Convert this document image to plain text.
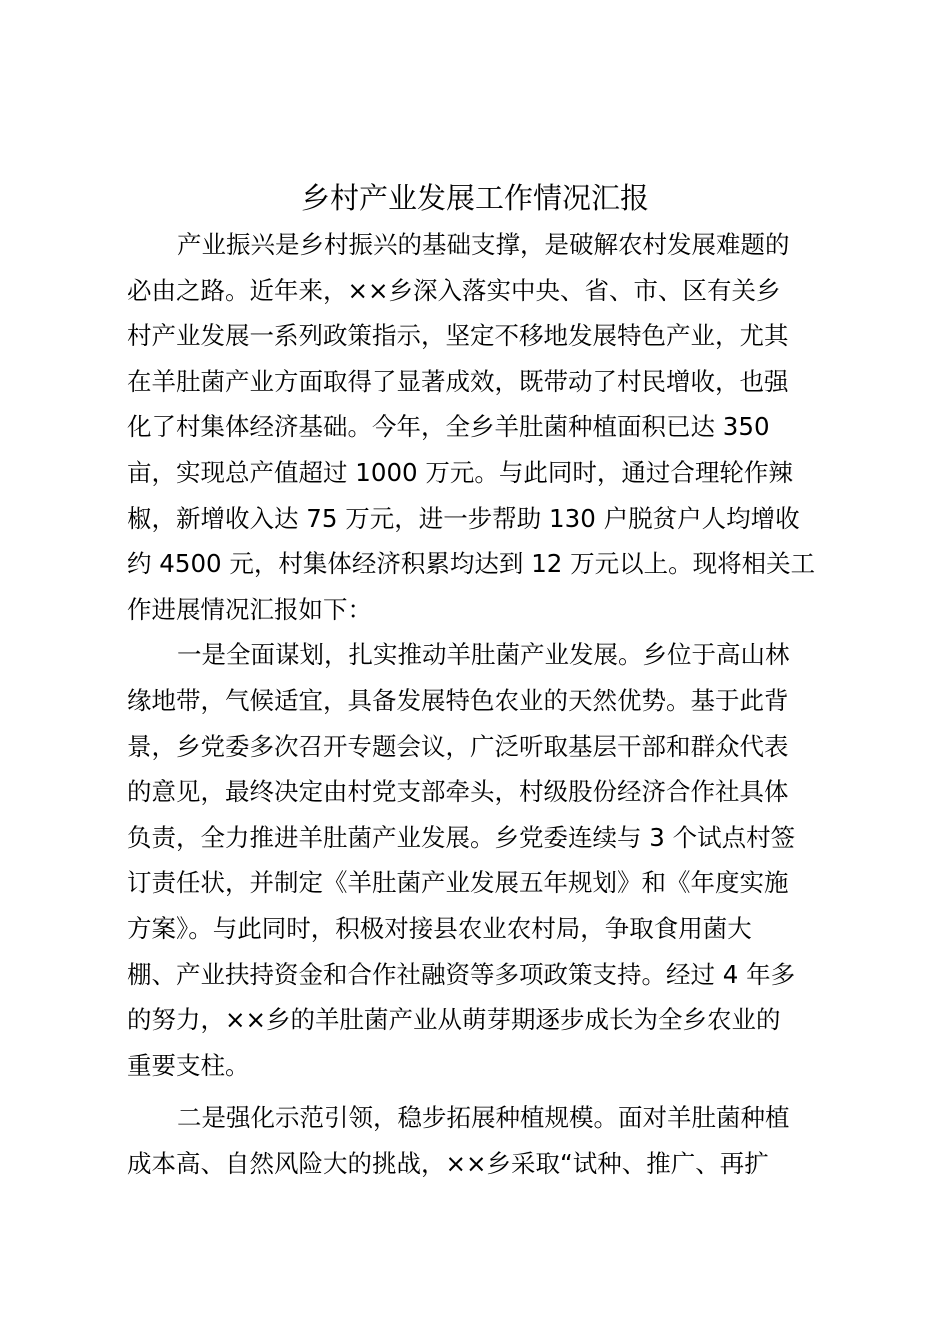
乡村产业发展工作情况汇报
产业振兴是乡村振兴的基础支撑，是破解农村发展难题的
必由之路。近年来，××乡深入落实中央、省、市、区有关乡
村产业发展一系列政策指示，坚定不移地发展特色产业，尤其
在羊肚菌产业方面取得了显著成效，既带动了村民增收，也强
化了村集体经济基础。今年，全乡羊肚菌种植面积已达 350
亩，实现总产值超过 1000 万元。与此同时，通过合理轮作辣
椒，新增收入达 75 万元，进一步帮助 130 户脱贫户人均增收
约 4500 元，村集体经济积累均达到 12 万元以上。现将相关工
作进展情况汇报如下：
一是全面谋划，扎实推动羊肚菌产业发展。乡位于高山林
缘地带，气候适宜，具备发展特色农业的天然优势。基于此背
景，乡党委多次召开专题会议，广泛听取基层干部和群众代表
的意见，最终决定由村党支部牵头，村级股份经济合作社具体
负责，全力推进羊肚菌产业发展。乡党委连续与 3 个试点村签
订责任状，并制定《羊肚菌产业发展五年规划》和《年度实施
方案》。与此同时，积极对接县农业农村局，争取食用菌大
棚、产业扶持资金和合作社融资等多项政策支持。经过 4 年多
的努力，××乡的羊肚菌产业从萌芽期逐步成长为全乡农业的
重要支柱。
二是强化示范引领，稳步拓展种植规模。面对羊肚菌种植
成本高、自然风险大的挑战，××乡采取“试种、推广、再扩
